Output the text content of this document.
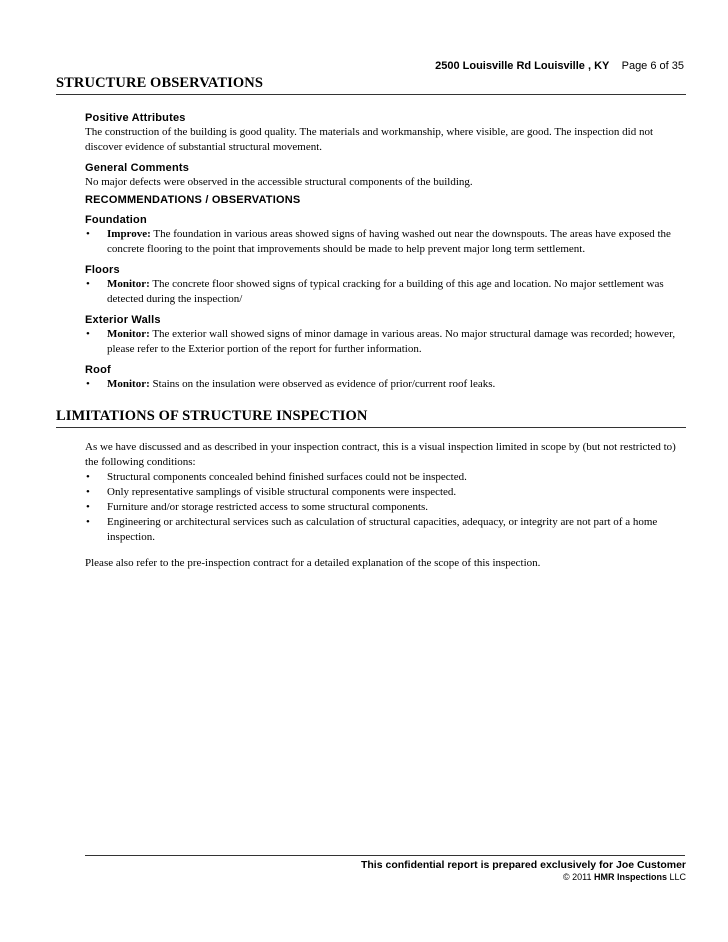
2500 Louisville Rd Louisville , KY Page 6 of 35
STRUCTURE OBSERVATIONS
Positive Attributes
The construction of the building is good quality. The materials and workmanship, where visible, are good. The inspection did not discover evidence of substantial structural movement.
General Comments
No major defects were observed in the accessible structural components of the building.
RECOMMENDATIONS / OBSERVATIONS
Foundation
• Improve: The foundation in various areas showed signs of having washed out near the downspouts. The areas have exposed the concrete flooring to the point that improvements should be made to help prevent major long term settlement.
Floors
• Monitor: The concrete floor showed signs of typical cracking for a building of this age and location. No major settlement was detected during the inspection/
Exterior Walls
• Monitor: The exterior wall showed signs of minor damage in various areas. No major structural damage was recorded; however, please refer to the Exterior portion of the report for further information.
Roof
• Monitor: Stains on the insulation were observed as evidence of prior/current roof leaks.
LIMITATIONS OF STRUCTURE INSPECTION
As we have discussed and as described in your inspection contract, this is a visual inspection limited in scope by (but not restricted to) the following conditions:
• Structural components concealed behind finished surfaces could not be inspected.
• Only representative samplings of visible structural components were inspected.
• Furniture and/or storage restricted access to some structural components.
• Engineering or architectural services such as calculation of structural capacities, adequacy, or integrity are not part of a home inspection.
Please also refer to the pre-inspection contract for a detailed explanation of the scope of this inspection.
This confidential report is prepared exclusively for Joe Customer
© 2011 HMR Inspections LLC
